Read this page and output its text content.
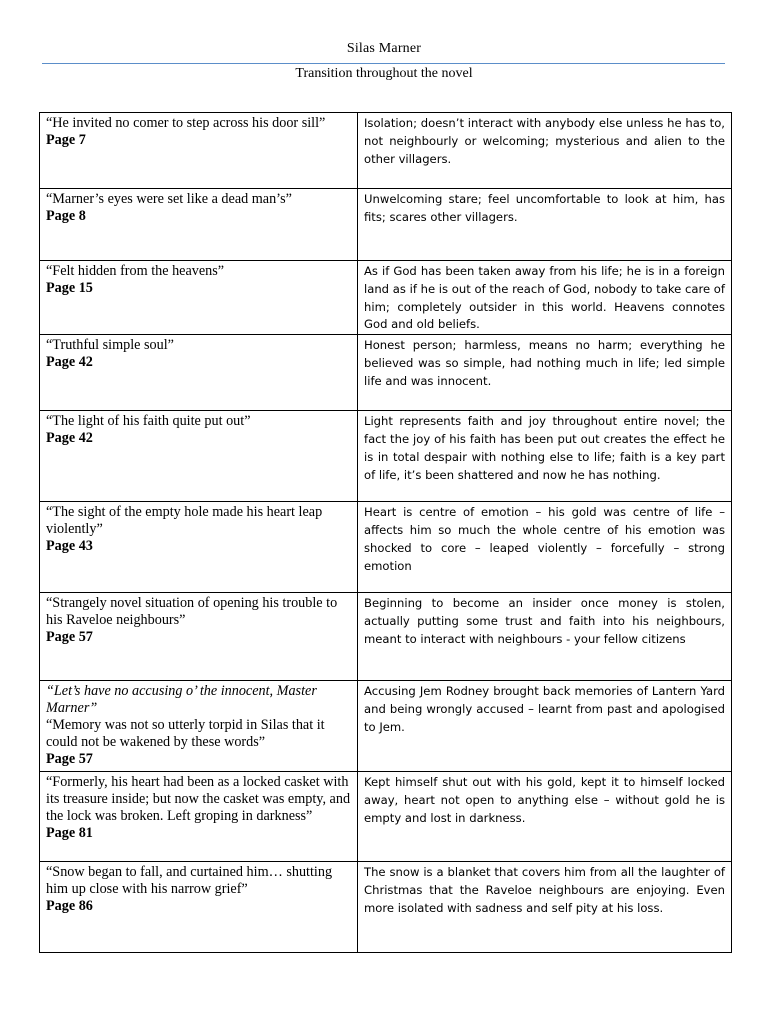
Silas Marner
Transition throughout the novel
“He invited no comer to step across his door sill”
Page 7	Isolation; doesn’t interact with anybody else unless he has to, not neighbourly or welcoming; mysterious and alien to the other villagers.

“Marner’s eyes were set like a dead man’s”
Page 8	Unwelcoming stare; feel uncomfortable to look at him, has fits; scares other villagers.

“Felt hidden from the heavens”
Page 15	As if God has been taken away from his life; he is in a foreign land as if he is out of the reach of God, nobody to take care of him; completely outsider in this world. Heavens connotes God and old beliefs.

“Truthful simple soul”
Page 42	Honest person; harmless, means no harm; everything he believed was so simple, had nothing much in life; led simple life and was innocent.

“The light of his faith quite put out”
Page 42	Light represents faith and joy throughout entire novel; the fact the joy of his faith has been put out creates the effect he is in total despair with nothing else to life; faith is a key part of life, it’s been shattered and now he has nothing.

“The sight of the empty hole made his heart leap violently”
Page 43	Heart is centre of emotion – his gold was centre of life – affects him so much the whole centre of his emotion was shocked to core – leaped violently – forcefully – strong emotion

“Strangely novel situation of opening his trouble to his Raveloe neighbours”
Page 57	Beginning to become an insider once money is stolen, actually putting some trust and faith into his neighbours, meant to interact with neighbours - your fellow citizens

“Let’s have no accusing o’ the innocent, Master Marner”
“Memory was not so utterly torpid in Silas that it could not be wakened by these words”
Page 57	Accusing Jem Rodney brought back memories of Lantern Yard and being wrongly accused – learnt from past and apologised to Jem.

“Formerly, his heart had been as a locked casket with its treasure inside; but now the casket was empty, and the lock was broken. Left groping in darkness”
Page 81	Kept himself shut out with his gold, kept it to himself locked away, heart not open to anything else – without gold he is empty and lost in darkness.

“Snow began to fall, and curtained him… shutting him up close with his narrow grief”
Page 86	The snow is a blanket that covers him from all the laughter of Christmas that the Raveloe neighbours are enjoying. Even more isolated with sadness and self pity at his loss.
